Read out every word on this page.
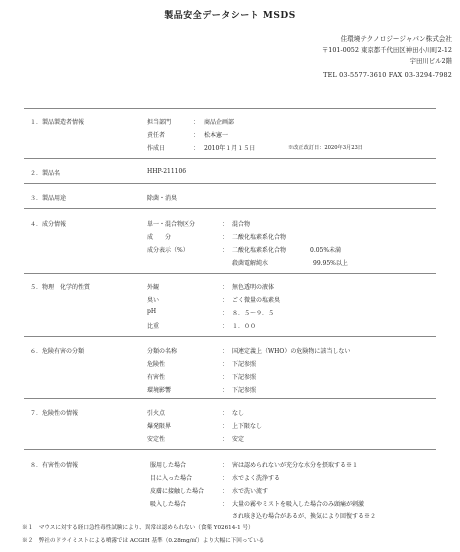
製品安全データシート MSDS
住環境テクノロジージャパン株式会社
〒101-0052 東京都千代田区神田小川町2-12
宇田川ビル2階
TEL 03-5577-3610 FAX 03-3294-7982
１．製品製造者情報	担当部門	： 商品企画部
責任者	： 松本憲一
作成日	： 2010年１月１５日	※改正改訂日：2020年3月23日
２．製品名	HHP-211106
３．製品用途	除菌・消臭
４．成分情報	単一・混合物区分	： 混合物
成　　分	： 二酸化塩素系化合物
成分表示（%）	： 二酸化塩素系化合物	0.05%未満
殺菌電解純水	99.95%以上
５．物理　化学的性質	外観	： 無色透明の液体
臭い	： ごく微量の塩素臭
pH	： ８．５〜９．５
比重	： １．００
６．危険有害の分類	分類の名称	： 国連定義上（WHO）の危険物に該当しない
危険性	： 下記参照
有害性	： 下記参照
環境影響	： 下記参照
７．危険性の情報	引火点	： なし
爆発限界	： 上下限なし
安定性	： 安定
８．有害性の情報	服用した場合	： 害は認められないが充分な水分を摂取する※１
目に入った場合	： 水でよく洗浄する
皮膚に接触した場合	： 水で洗い流す
吸入した場合	： 大量の霧やミストを吸入した場合のみ頭痛が刺激
され咳き込む場合があるが、換気により回復する※２
※１　マウスに対する経口急性毒性試験により、異常は認められない（食薬 Y02614-1 号）
※２　弊社のドライミストによる噴霧では ACGIH 基準（0.28mg/㎥）より大幅に下回っている
